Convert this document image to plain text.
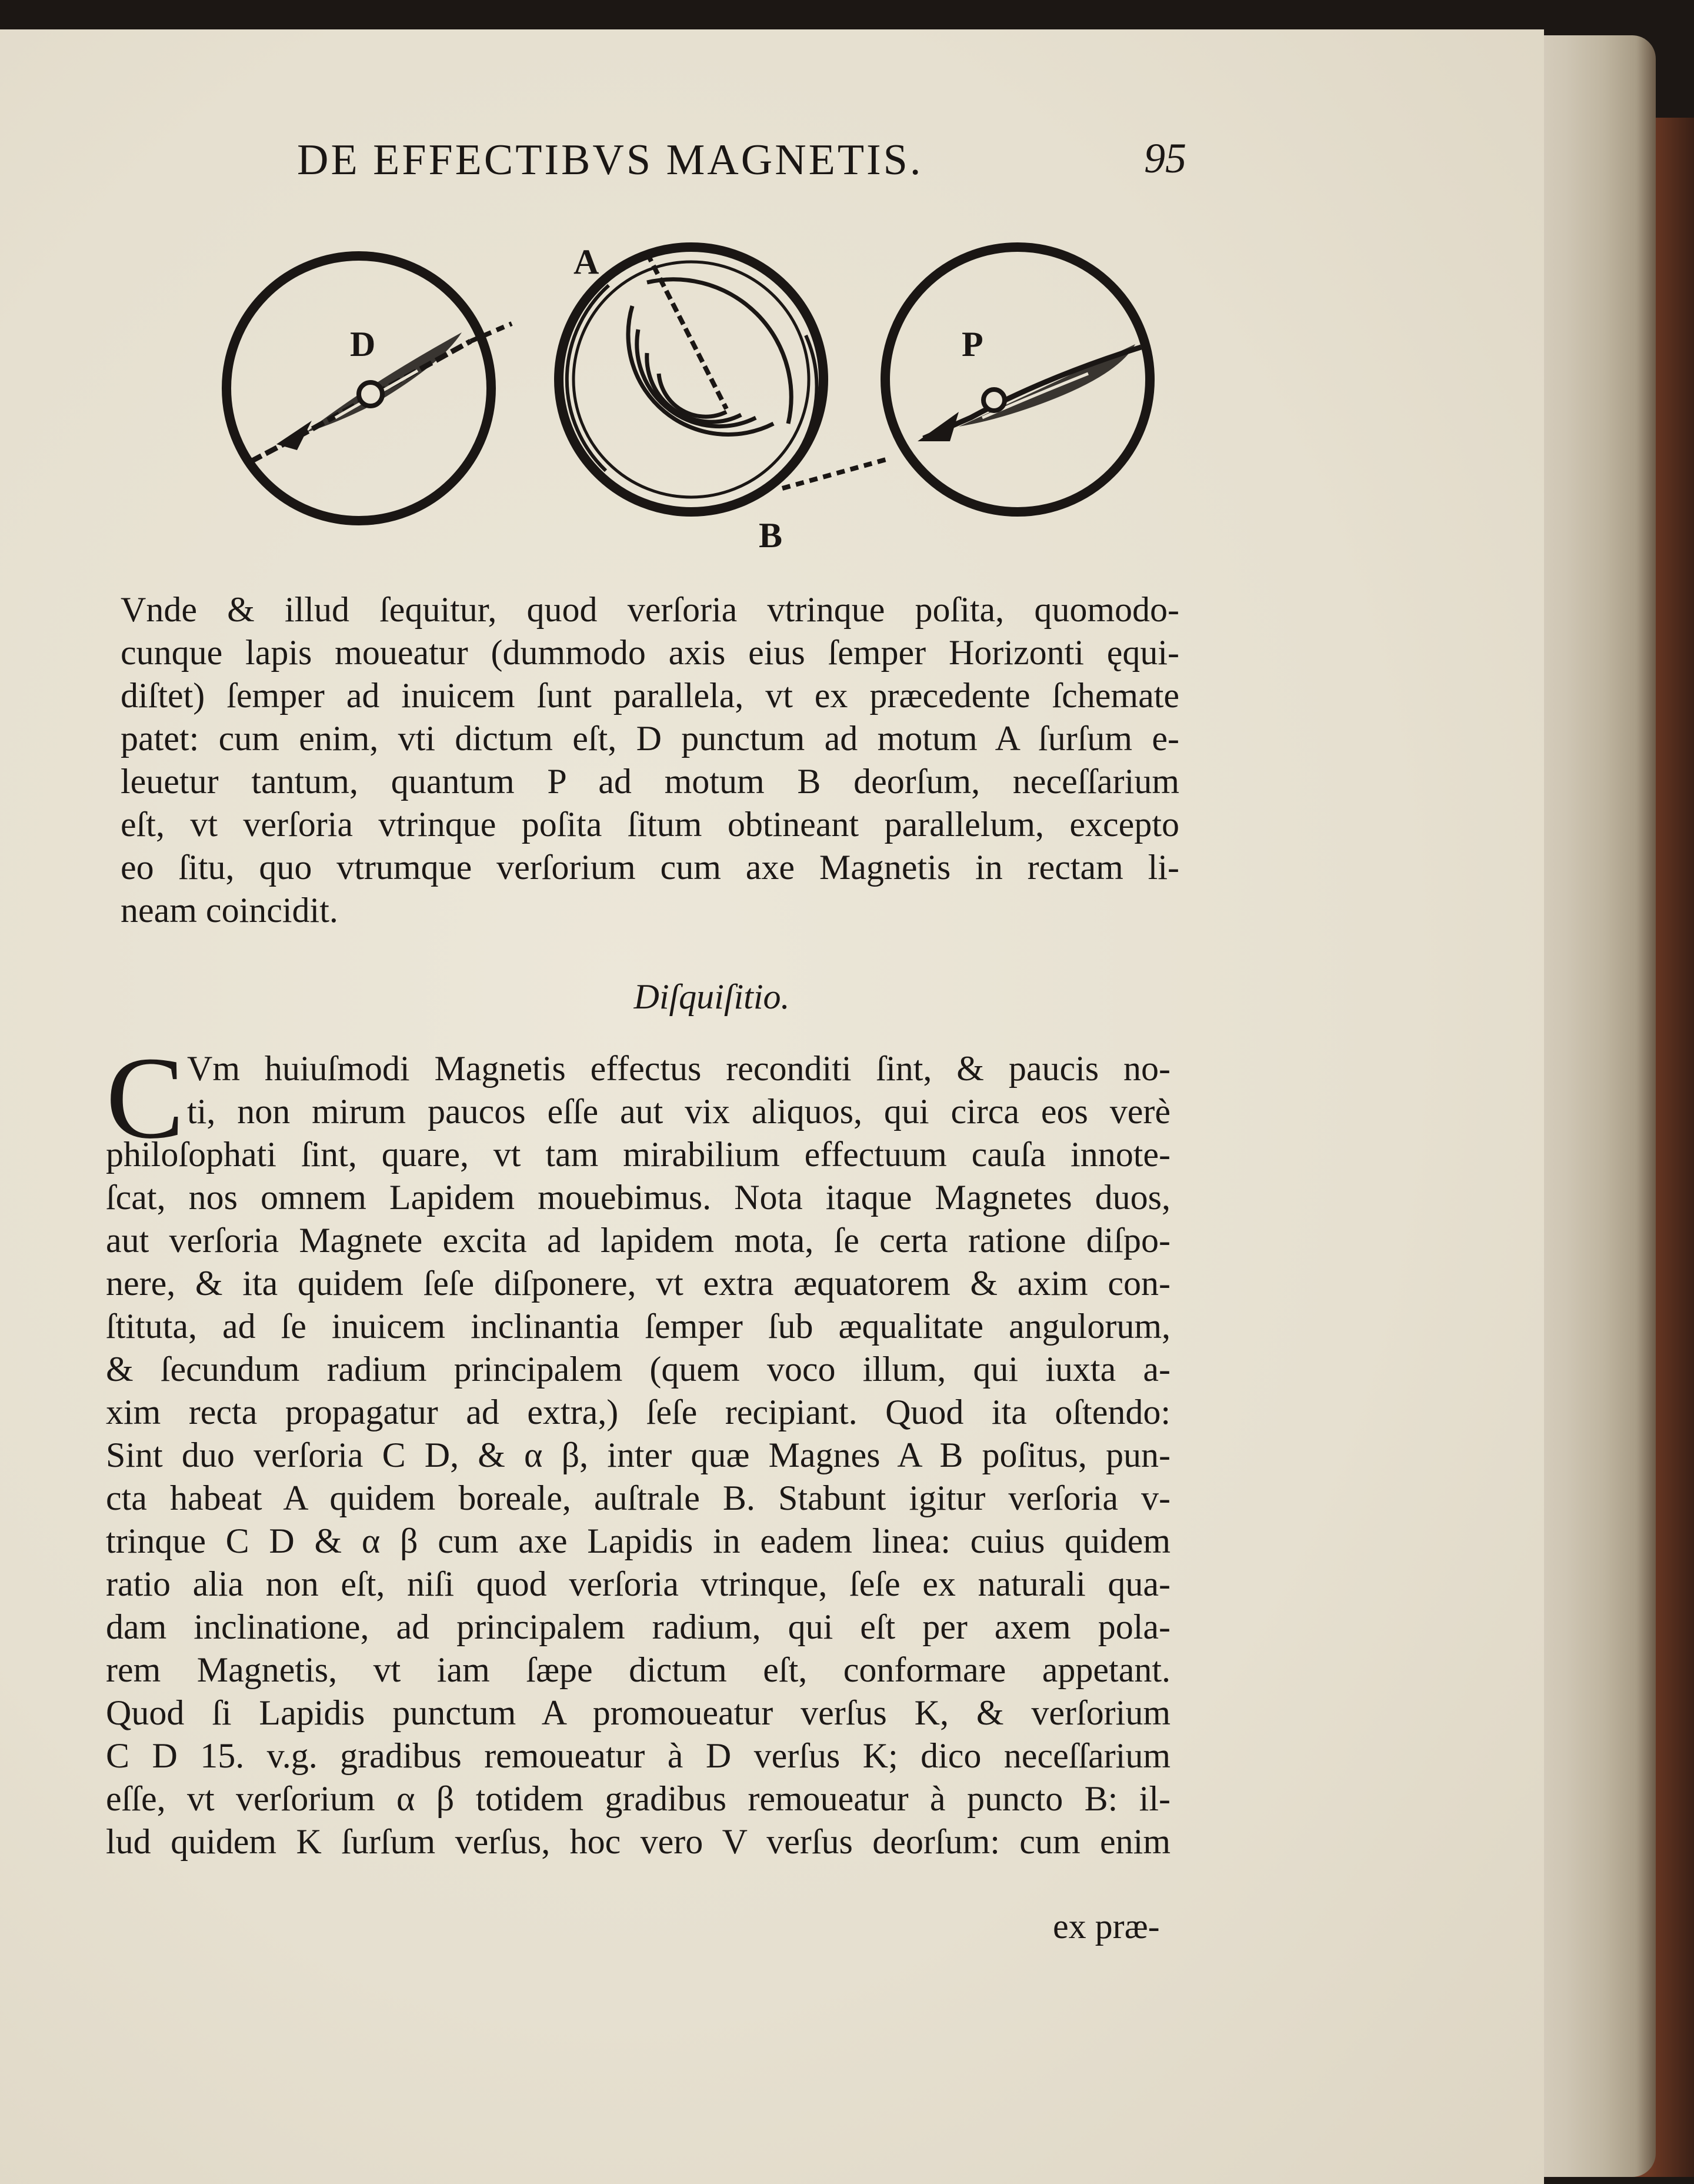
DE EFFECTIBVS MAGNETIS.	95
D
A
P
B
Vnde & illud ſequitur, quod verſoria vtrinque poſita, quomodo-
cunque lapis moueatur (dummodo axis eius ſemper Horizonti ęqui-
diſtet) ſemper ad inuicem ſunt parallela, vt ex præcedente ſchemate
patet: cum enim, vti dictum eſt, D punctum ad motum A ſurſum e-
leuetur tantum, quantum P ad motum B deorſum, neceſſarium
eſt, vt verſoria vtrinque poſita ſitum obtineant parallelum, excepto
eo ſitu, quo vtrumque verſorium cum axe Magnetis in rectam li-
neam coincidit.
Diſquiſitio.
C Vm huiuſmodi Magnetis effectus reconditi ſint, & paucis no-
ti, non mirum paucos eſſe aut vix aliquos, qui circa eos verè
philoſophati ſint, quare, vt tam mirabilium effectuum cauſa innote-
ſcat, nos omnem Lapidem mouebimus. Nota itaque Magnetes duos,
aut verſoria Magnete excita ad lapidem mota, ſe certa ratione diſpo-
nere, & ita quidem ſeſe diſponere, vt extra æquatorem & axim con-
ſtituta, ad ſe inuicem inclinantia ſemper ſub æqualitate angulorum,
& ſecundum radium principalem (quem voco illum, qui iuxta a-
xim recta propagatur ad extra,) ſeſe recipiant. Quod ita oſtendo:
Sint duo verſoria C D, & α β, inter quæ Magnes A B poſitus, pun-
cta habeat A quidem boreale, auſtrale B. Stabunt igitur verſoria v-
trinque C D & α β cum axe Lapidis in eadem linea: cuius quidem
ratio alia non eſt, niſi quod verſoria vtrinque, ſeſe ex naturali qua-
dam inclinatione, ad principalem radium, qui eſt per axem pola-
rem Magnetis, vt iam ſæpe dictum eſt, conformare appetant.
Quod ſi Lapidis punctum A promoueatur verſus K, & verſorium
C D 15. v.g. gradibus remoueatur à D verſus K; dico neceſſarium
eſſe, vt verſorium α β totidem gradibus remoueatur à puncto B: il-
lud quidem K ſurſum verſus, hoc vero V verſus deorſum: cum enim
ex præ-
